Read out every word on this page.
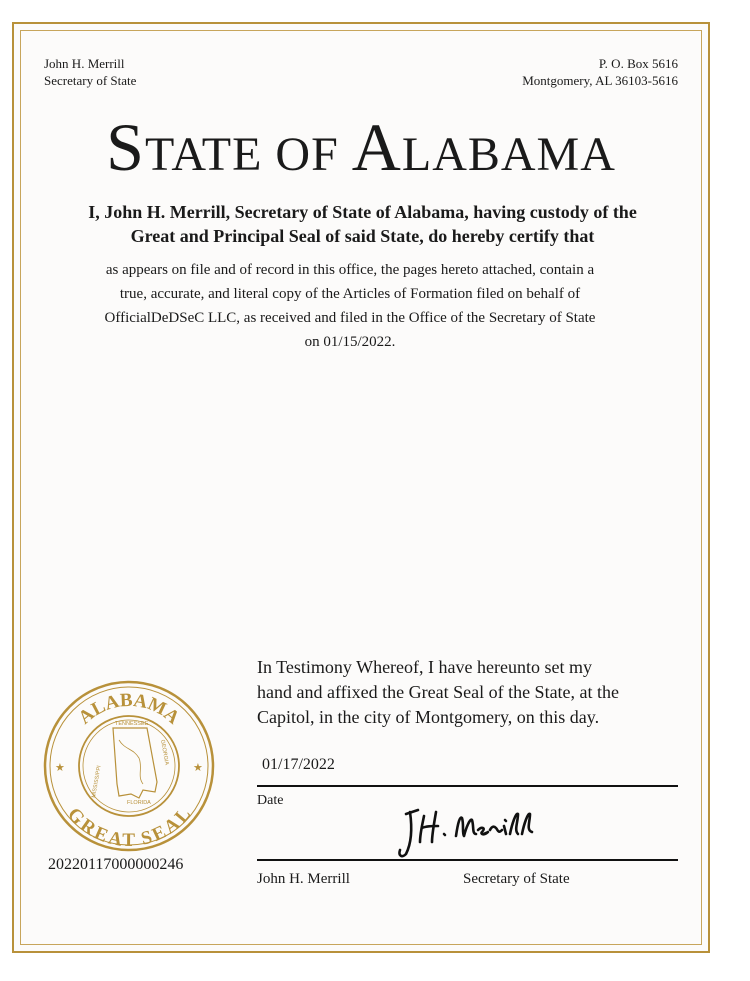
John H. Merrill
Secretary of State
P. O. Box 5616
Montgomery, AL 36103-5616
STATE OF ALABAMA
I, John H. Merrill, Secretary of State of Alabama, having custody of the
Great and Principal Seal of said State, do hereby certify that
as appears on file and of record in this office, the pages hereto attached, contain a
true, accurate, and literal copy of the Articles of Formation filed on behalf of
OfficialDeDSeC LLC, as received and filed in the Office of the Secretary of State
on 01/15/2022.
In Testimony Whereof, I have hereunto set my
hand and affixed the Great Seal of the State, at the
Capitol, in the city of Montgomery, on this day.
01/17/2022
Date
John H. Merrill	Secretary of State
ALABAMA
GREAT SEAL
★	★
TENNESSEE
FLORIDA
MISSISSIPPI
GEORGIA
20220117000000246
